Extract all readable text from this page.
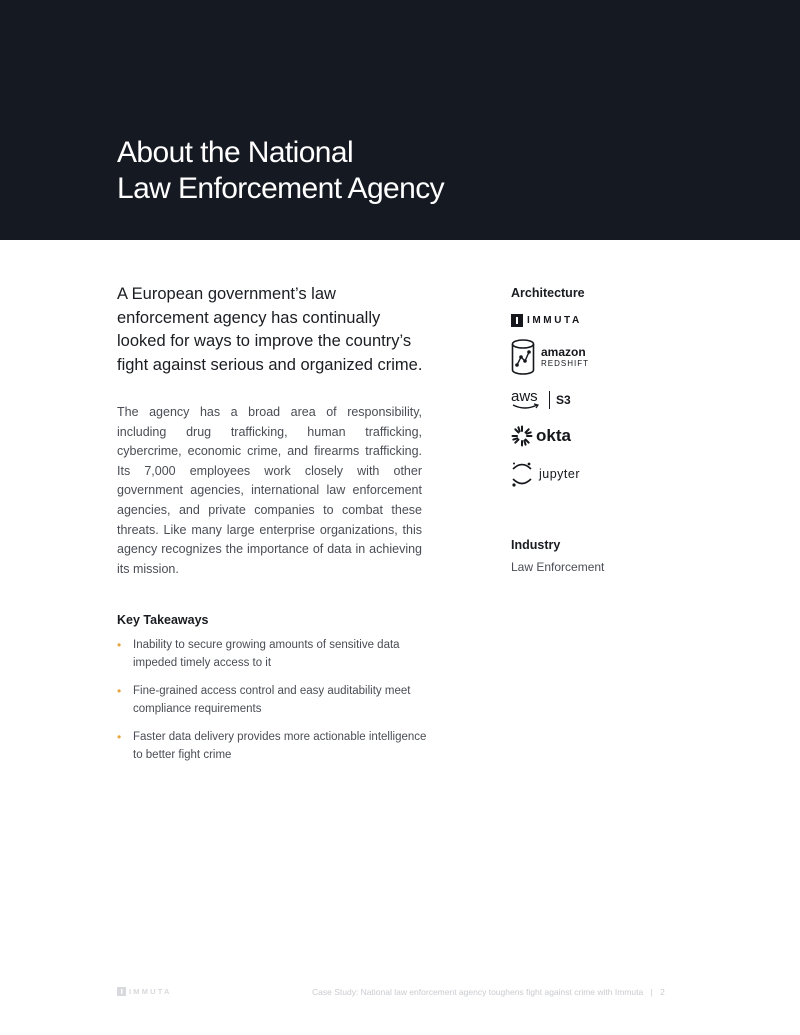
About the National
Law Enforcement Agency

A European government’s law enforcement agency has continually looked for ways to improve the country’s fight against serious and organized crime.

The agency has a broad area of responsibility, including drug trafficking, human trafficking, cybercrime, economic crime, and firearms trafficking. Its 7,000 employees work closely with other government agencies, international law enforcement agencies, and private companies to combat these threats. Like many large enterprise organizations, this agency recognizes the importance of data in achieving its mission.

Key Takeaways
• Inability to secure growing amounts of sensitive data impeded timely access to it
• Fine-grained access control and easy auditability meet compliance requirements
• Faster data delivery provides more actionable intelligence to better fight crime
Architecture
IMMUTA
amazon
REDSHIFT
aws S3
okta
jupyter
Industry

Law Enforcement

IMMUTA	Case Study: National law enforcement agency toughens fight against crime with Immuta | 2
